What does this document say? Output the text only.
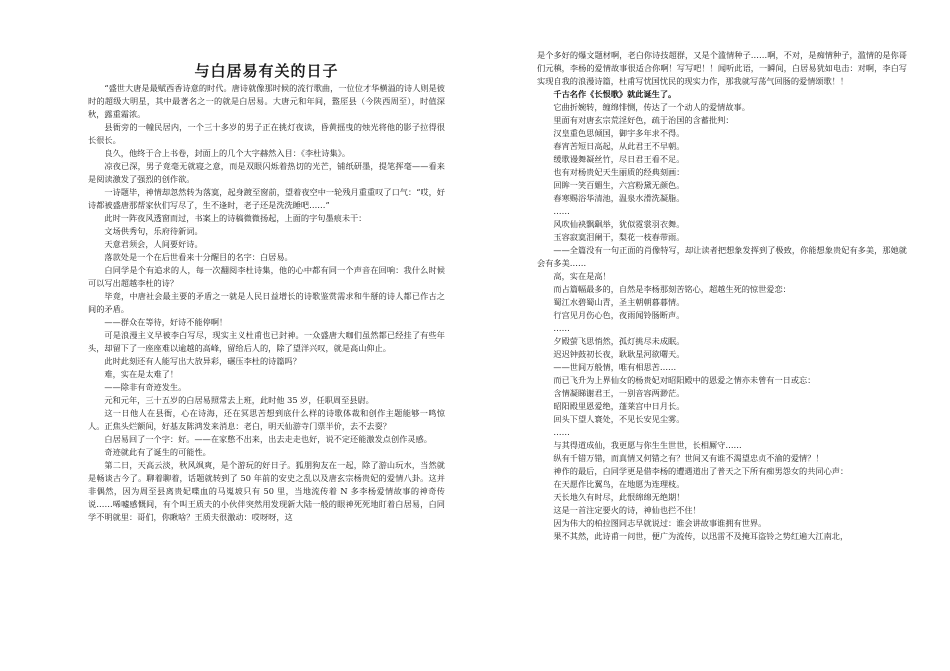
与白居易有关的日子

“盛世大唐是最赋西香诗意的时代。唐诗就像那时候的流行歌曲，一位位才华横溢的诗人则是彼时的超级大明星，其中最著名之一的就是白居易。大唐元和年间，盩厔县（今陕西周至），时值深秋，露重霜浓。

县衙旁的一幢民居内，一个三十多岁的男子正在挑灯夜读，昏黄摇曳的烛光将他的影子拉得很长很长。

良久，他终于合上书卷，封面上的几个大字赫然入目：《李杜诗集》。

凉夜已深，男子竟毫无就寝之意，而是双眼闪烁着热切的光芒，铺纸研墨，提笔挥毫——看来是阅读激发了强烈的创作欲。

一诗题毕，神情却忽然转为落寞，起身踱至窗前，望着夜空中一轮残月重重叹了口气：“哎，好诗都被盛唐那帮家伙们写尽了，生不逢时，老子还是洗洗睡吧……”

此时一阵夜风透窗而过，书案上的诗稿微微扬起，上面的字句墨痕未干：

文场供秀句，乐府待新词。

天意君须会，人间要好诗。

落款处是一个在后世看来十分醒目的名字：白居易。

白同学是个有追求的人，每一次翻阅李杜诗集，他的心中都有同一个声音在回响：我什么时候可以写出超越李杜的诗？

毕竟，中唐社会最主要的矛盾之一就是人民日益增长的诗歌鉴赏需求和牛掰的诗人都已作古之间的矛盾。

——群众在等待，好诗不能停啊！

可是浪漫主义早被李白写尽，现实主义杜甫也已封神。一众盛唐大咖们虽然都已经挂了有些年头，却留下了一座座难以逾越的高峰，留给后人的，除了望洋兴叹，就是高山仰止。

此时此刻还有人能写出大放异彩，碾压李杜的诗篇吗？

难，实在是太难了！

——除非有奇迹发生。

元和元年，三十五岁的白居易照常去上班，此时他 35 岁，任职周至县尉。

这一日他人在县衙，心在诗海，还在冥思苦想到底什么样的诗歌体裁和创作主题能够一鸣惊人。正焦头烂额间，好基友陈鸿发来消息：老白，明天仙游寺门票半价，去不去耍？

白居易回了一个字：好。——在家憋不出来，出去走走也好，说不定还能激发点创作灵感。

奇迹就此有了诞生的可能性。

第二日，天高云淡，秋风飒爽，是个游玩的好日子。狐朋狗友在一起，除了游山玩水，当然就是畅谈古今了。聊着聊着，话题就转到了 50 年前的安史之乱以及唐玄宗杨贵妃的爱情八卦。这并非偶然，因为周至县离贵妃喋血的马嵬坡只有 50 里，当地流传着 N 多李杨爱情故事的神奇传说……唏嘘感慨间，有个叫王质夫的小伙伴突然用发现新大陆一般的眼神死死地盯着白居易，白同学不明就里：哥们，你瞅啥？王质夫很激动：哎呀呀，这

是个多好的爆文题材啊，老白你诗技超群，又是个滥情种子……啊，不对，是痴情种子，滥情的是你哥们元稹，李杨的爱情故事很适合你啊！写写吧！！闻听此语，一瞬间，白居易犹如电击：对啊，李白写实现自我的浪漫诗篇，杜甫写忧国忧民的现实力作，那我就写荡气回肠的爱情颂歌！！

千古名作《长恨歌》就此诞生了。

它曲折婉转，缠绵悱恻，传达了一个动人的爱情故事。

里面有对唐玄宗荒淫好色，疏于治国的含蓄批判：

汉皇重色思倾国，御宇多年求不得。

春宵苦短日高起，从此君王不早朝。

缓歌谩舞凝丝竹，尽日君王看不足。

也有对杨贵妃天生丽质的经典刻画：

回眸一笑百媚生，六宫粉黛无颜色。

春寒赐浴华清池，温泉水滑洗凝脂。

……

风吹仙袂飘飖举，犹似霓裳羽衣舞。

玉容寂寞泪阑干，梨花一枝春带雨。

——全篇没有一句正面的肖像特写，却让读者把想象发挥到了极致，你能想象贵妃有多美，那她就会有多美……

高，实在是高！

而占篇幅最多的，自然是李杨那刻苦铭心，超越生死的惊世爱恋：

蜀江水碧蜀山青，圣主朝朝暮暮情。

行宫见月伤心色，夜雨闻铃肠断声。

……

夕殿萤飞思悄然，孤灯挑尽未成眠。

迟迟钟鼓初长夜，耿耿星河欲曙天。

——世间万般情，唯有相思苦……

而已飞升为上界仙女的杨贵妃对昭阳殿中的恩爱之情亦未曾有一日或忘：

含情凝睇谢君王，一别音容两渺茫。

昭阳殿里恩爱绝，蓬莱宫中日月长。

回头下望人寰处，不见长安见尘雾。

……

与其得道成仙，我更愿与你生生世世，长相厮守……

纵有千错万错，而真情又何错之有？世间又有谁不渴望忠贞不渝的爱情？！

神作的最后，白同学更是借李杨的遭遇道出了普天之下所有痴男怨女的共同心声：

在天愿作比翼鸟，在地愿为连理枝。

天长地久有时尽，此恨绵绵无绝期！

这是一首注定要火的诗，神仙也拦不住！

因为伟大的柏拉图同志早就说过：谁会讲故事谁拥有世界。

果不其然，此诗甫一问世，便广为流传，以迅雷不及掩耳盗铃之势红遍大江南北，
